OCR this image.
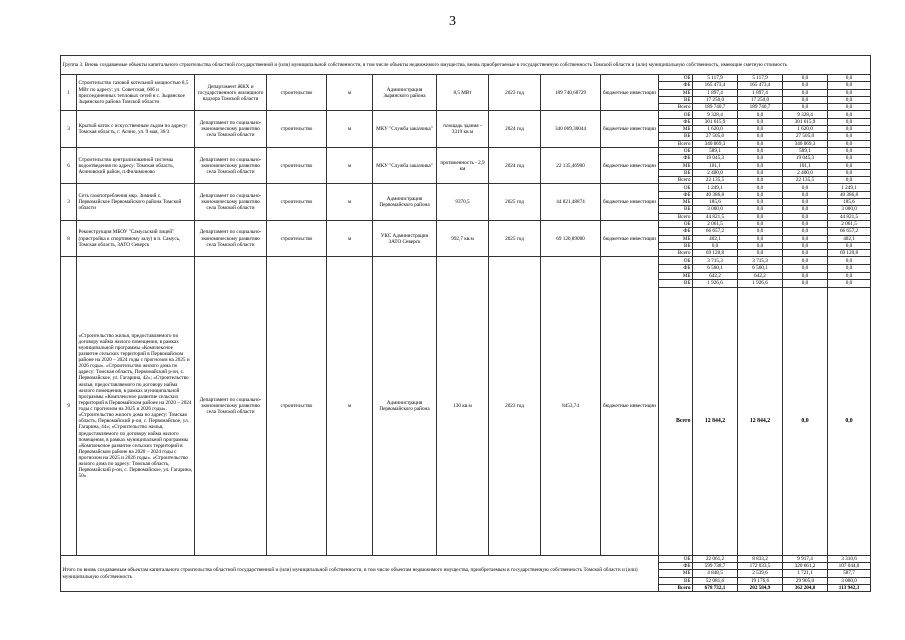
3
Группа 3. Вновь создаваемые объекты капитального строительства областной государственной и (или) муниципальной собственности, в том числе объекты недвижимого имущества, вновь приобретаемые в государственную собственность Томской области и (или) муниципальную собственность, имеющие сметную стоимость														
1	Строительство газовой котельной мощностью 8,5 МВт по адресу: ул. Советская, 60б и присоединенных тепловых сетей в с. Зырянское Зырянского района Томской области	Департамент ЖКХ и государственного жилищного надзора Томской области	строительство	м	Администрация Зырянского района	8,5 МВт	2023 год	189 740,68729	бюджетные инвестиции	ОБ	5 117,9	5 117,9	0,0	0,0
										ФБ	165 473,4	165 473,4	0,0	0,0
										МБ	1 897,4	1 897,4	0,0	0,0
										ВБ	17 250,0	17 250,0	0,0	0,0
										Всего	189 740,7	189 740,7	0,0	0,0
3	Крытый каток с искусственным льдом по адресу: Томская область, г. Асино, ул. 9 мая, 36/3	Департамент по социально-экономическому развитию села Томской области	строительство	м	МКУ "Служба заказчика"	площадь здания - 3319 кв.м	2024 год	340 069,30044	бюджетные инвестиции	ОБ	9 328,4	0,0	9 328,4	0,0
										ФБ	301 615,9	0,0	301 615,9	0,0
										МБ	1 620,0	0,0	1 620,0	0,0
										ВБ	27 505,0	0,0	27 505,0	0,0
										Всего	340 069,3	0,0	340 069,3	0,0
6	Строительство централизованной системы водоотведения по адресу: Томская область, Асиновский район, п.Филимоново	Департамент по социально-экономическому развитию села Томской области	строительство	м	МКУ "Служба заказчика"	протяженность - 2,9 км	2024 год	22 135,46900	бюджетные инвестиции	ОБ	589,1	0,0	589,1	0,0
										ФБ	19 045,3	0,0	19 045,3	0,0
										МБ	101,1	0,0	101,1	0,0
										ВБ	2 400,0	0,0	2 400,0	0,0
										Всего	22 135,5	0,0	22 135,5	0,0
3	Сеть газопотребления мкр. Зимний с. Первомайское Первомайского района Томской области	Департамент по социально-экономическому развитию села Томской области	строительство	м	Администрация Первомайского района	9370,5	2025 год	44 821,48874	бюджетные инвестиции	ОБ	1 249,1	0,0	0,0	1 249,1
										ФБ	40 386,8	0,0	0,0	40 386,8
										МБ	185,6	0,0	0,0	185,6
										ВБ	3 000,0	0,0	0,0	3 000,0
										Всего	44 821,5	0,0	0,0	44 821,5
8	Реконструкция МБОУ "Самусьский лицей" (пристройка к спортивному залу) в п. Самусь, Томская область, ЗАТО Северск	Департамент по социально-экономическому развитию села Томской области	строительство	м	УКС Администрации ЗАТО Северск	992,7 кв.м	2025 год	69 120,89000	бюджетные инвестиции	ОБ	2 061,5	0,0	0,0	2 061,5
										ФБ	66 657,2	0,0	0,0	66 657,2
										МБ	402,1	0,0	0,0	402,1
										ВБ	0,0	0,0	0,0	0,0
										Всего	69 120,8	0,0	0,0	69 120,8
9	«Строительство жилья, предоставляемого по договору найма жилого помещения, в рамках муниципальной программы «Комплексное развитие сельских территорий в Первомайском районе на 2020 – 2024 годы с прогнозом на 2025 и 2026 годы». «Строительство жилого дома по адресу: Томская область, Первомайский р-он, с. Первомайское, ул. Гагарина, 42»; «Строительство жилья, предоставляемого по договору найма жилого помещения, в рамках муниципальной программы «Комплексное развитие сельских территорий в Первомайском районе на 2020 – 2024 годы с прогнозом на 2025 и 2026 годы». «Строительство жилого дома по адресу: Томская область, Первомайский р-он, с. Первомайское, ул. Гагарина, 44»; «Строительство жилья, предоставляемого по договору найма жилого помещения, в рамках муниципальной программы «Комплексное развитие сельских территорий в Первомайском районе на 2020 – 2024 годы с прогнозом на 2025 и 2026 годы». «Строительство жилого дома по адресу: Томская область, Первомайский р-он, с. Первомайское, ул. Гагарина, 50»	Департамент по социально-экономическому развитию села Томской области	строительство	м	Администрация Первомайского района	130 кв.м	2023 год	8453,74	бюджетные инвестиции	ОБ	3 715,3	3 715,3	0,0	0,0
										ФБ	6 560,1	6 560,1	0,0	0,0
										МБ	642,2	642,2	0,0	0,0
										ВБ	1 926,6	1 926,6	0,0	0,0
										Всего	12 844,2	12 844,2	0,0	0,0
Итого по вновь создаваемым объектам капитального строительства областной государственной и (или) муниципальной собственности, в том числе объектам недвижимого имущества, приобретаемым в государственную собственность Томской области и (или) муниципальную собственность										ОБ	22 061,2	8 833,2	9 917,4	3 310,6
										ФБ	599 738,7	172 033,5	320 661,2	107 044,0
										МБ	4 848,5	2 539,6	1 721,1	587,7
										ВБ	52 081,6	19 176,6	29 905,0	3 000,0
										Всего	678 732,1	202 584,9	362 204,8	113 942,3
